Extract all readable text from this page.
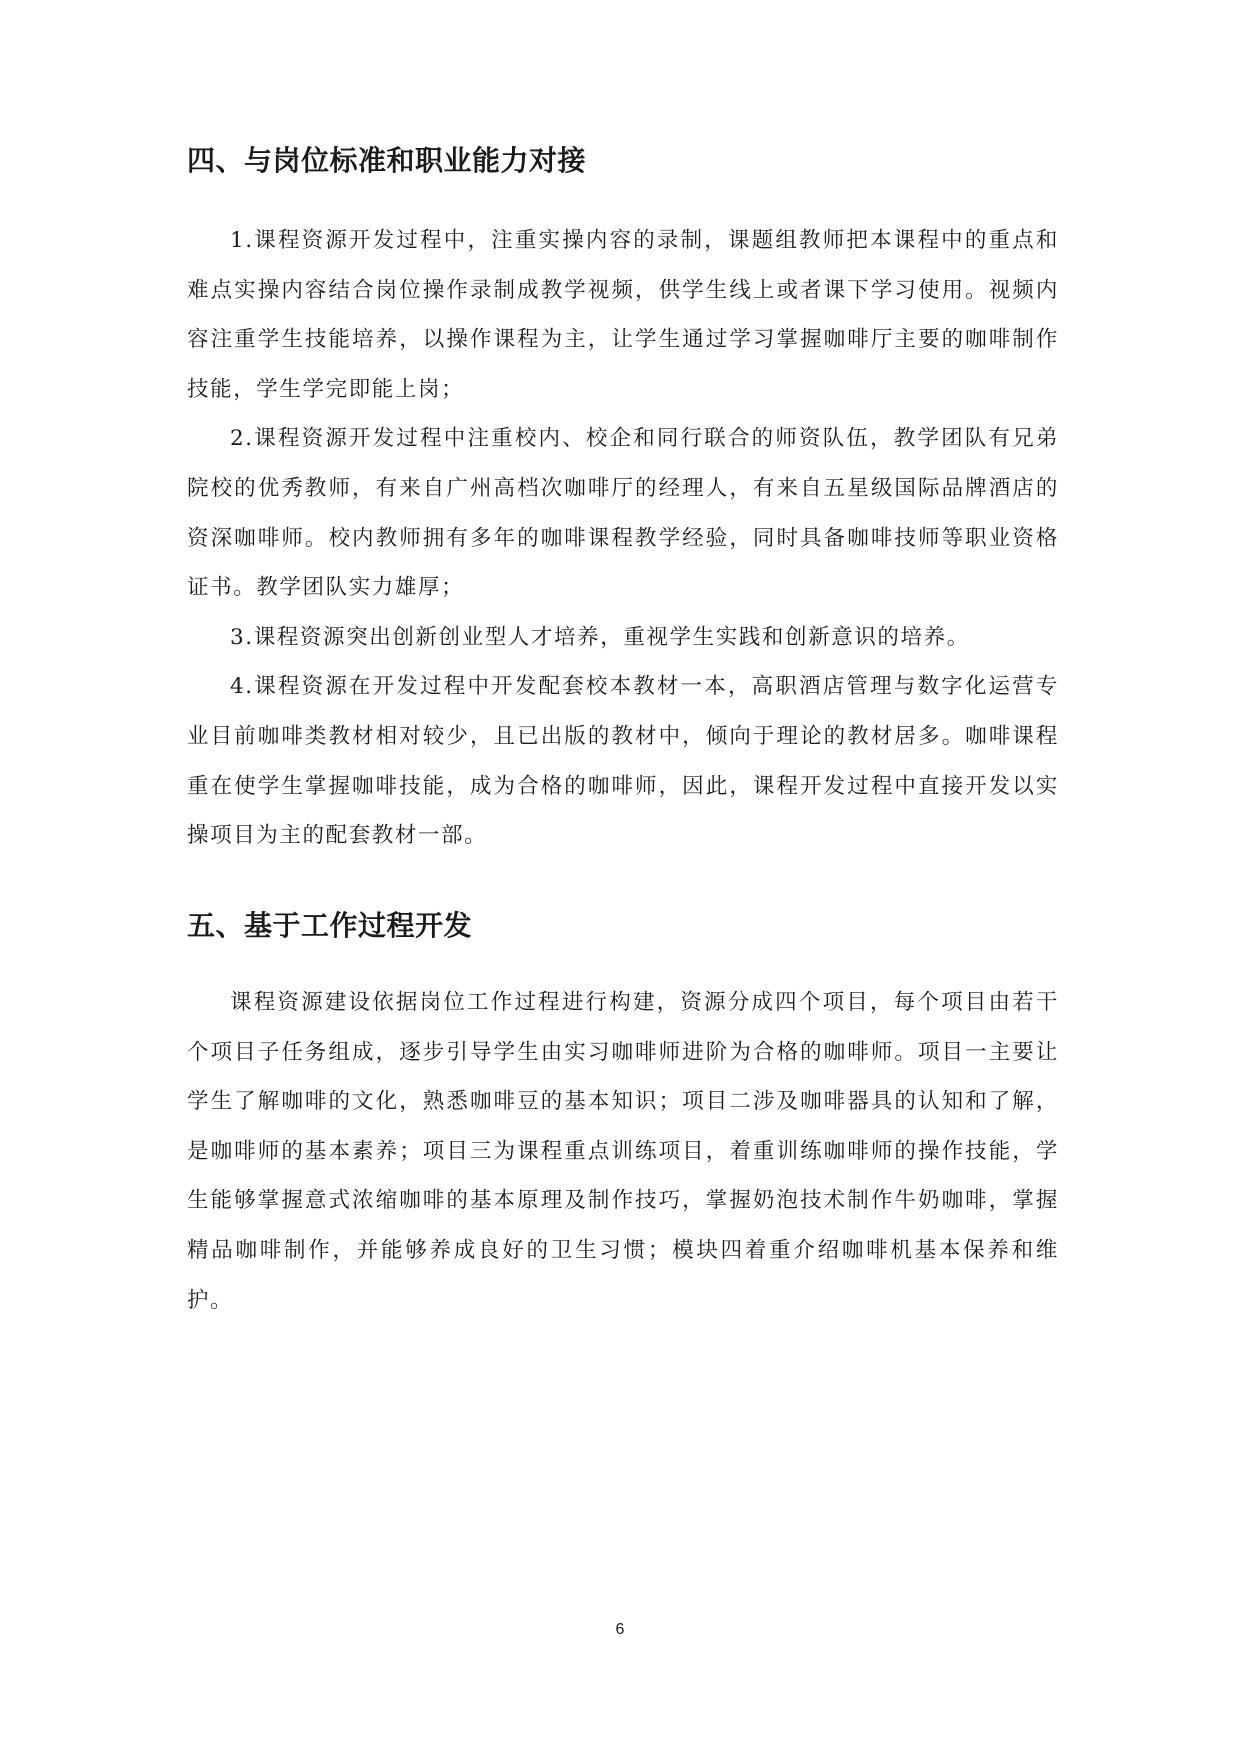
四、与岗位标准和职业能力对接

1.课程资源开发过程中，注重实操内容的录制，课题组教师把本课程中的重点和难点实操内容结合岗位操作录制成教学视频，供学生线上或者课下学习使用。视频内容注重学生技能培养，以操作课程为主，让学生通过学习掌握咖啡厅主要的咖啡制作技能，学生学完即能上岗；

2.课程资源开发过程中注重校内、校企和同行联合的师资队伍，教学团队有兄弟院校的优秀教师，有来自广州高档次咖啡厅的经理人，有来自五星级国际品牌酒店的资深咖啡师。校内教师拥有多年的咖啡课程教学经验，同时具备咖啡技师等职业资格证书。教学团队实力雄厚；

3.课程资源突出创新创业型人才培养，重视学生实践和创新意识的培养。

4.课程资源在开发过程中开发配套校本教材一本，高职酒店管理与数字化运营专业目前咖啡类教材相对较少，且已出版的教材中，倾向于理论的教材居多。咖啡课程重在使学生掌握咖啡技能，成为合格的咖啡师，因此，课程开发过程中直接开发以实操项目为主的配套教材一部。

五、基于工作过程开发

课程资源建设依据岗位工作过程进行构建，资源分成四个项目，每个项目由若干个项目子任务组成，逐步引导学生由实习咖啡师进阶为合格的咖啡师。项目一主要让学生了解咖啡的文化，熟悉咖啡豆的基本知识；项目二涉及咖啡器具的认知和了解，是咖啡师的基本素养；项目三为课程重点训练项目，着重训练咖啡师的操作技能，学生能够掌握意式浓缩咖啡的基本原理及制作技巧，掌握奶泡技术制作牛奶咖啡，掌握精品咖啡制作，并能够养成良好的卫生习惯；模块四着重介绍咖啡机基本保养和维护。

6
